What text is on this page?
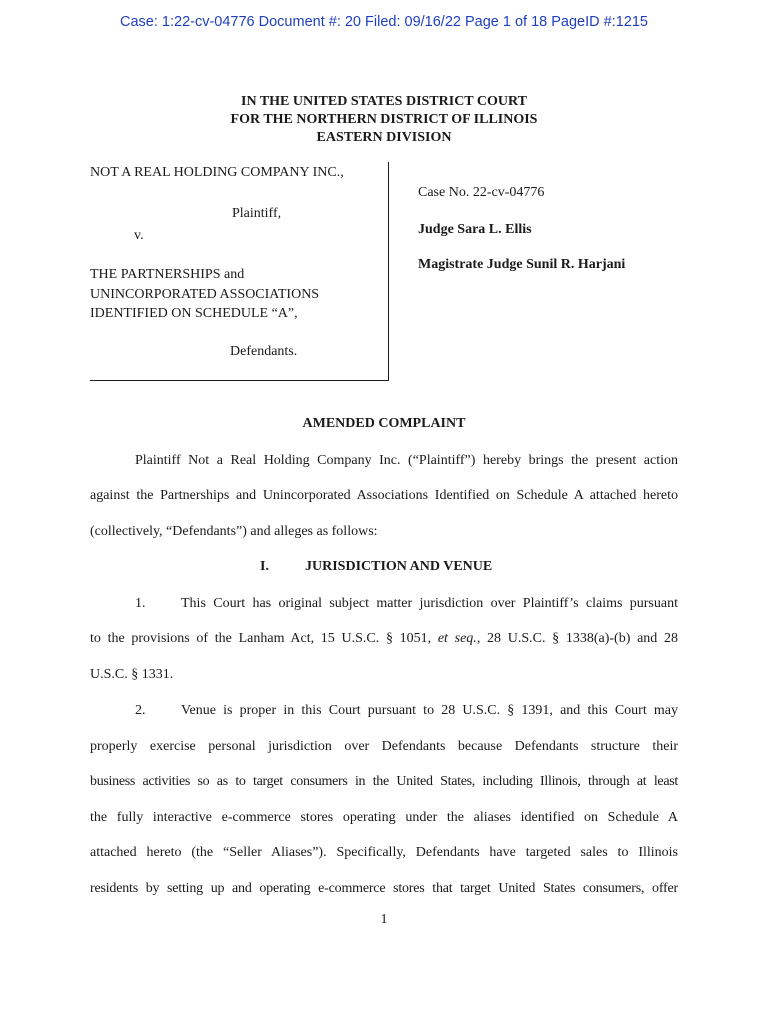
Case: 1:22-cv-04776 Document #: 20 Filed: 09/16/22 Page 1 of 18 PageID #:1215
IN THE UNITED STATES DISTRICT COURT
FOR THE NORTHERN DISTRICT OF ILLINOIS
EASTERN DIVISION
NOT A REAL HOLDING COMPANY INC.,
Plaintiff,
v.
THE PARTNERSHIPS and
UNINCORPORATED ASSOCIATIONS
IDENTIFIED ON SCHEDULE “A”,
Defendants.
Case No. 22-cv-04776
Judge Sara L. Ellis
Magistrate Judge Sunil R. Harjani
AMENDED COMPLAINT
Plaintiff Not a Real Holding Company Inc. (“Plaintiff”) hereby brings the present action
against the Partnerships and Unincorporated Associations Identified on Schedule A attached hereto
(collectively, “Defendants”) and alleges as follows:
I.	JURISDICTION AND VENUE
1.	This Court has original subject matter jurisdiction over Plaintiff’s claims pursuant
to the provisions of the Lanham Act, 15 U.S.C. § 1051, et seq., 28 U.S.C. § 1338(a)-(b) and 28
U.S.C. § 1331.
2.	Venue is proper in this Court pursuant to 28 U.S.C. § 1391, and this Court may
properly exercise personal jurisdiction over Defendants because Defendants structure their
business activities so as to target consumers in the United States, including Illinois, through at least
the fully interactive e-commerce stores operating under the aliases identified on Schedule A
attached hereto (the “Seller Aliases”). Specifically, Defendants have targeted sales to Illinois
residents by setting up and operating e-commerce stores that target United States consumers, offer
1
